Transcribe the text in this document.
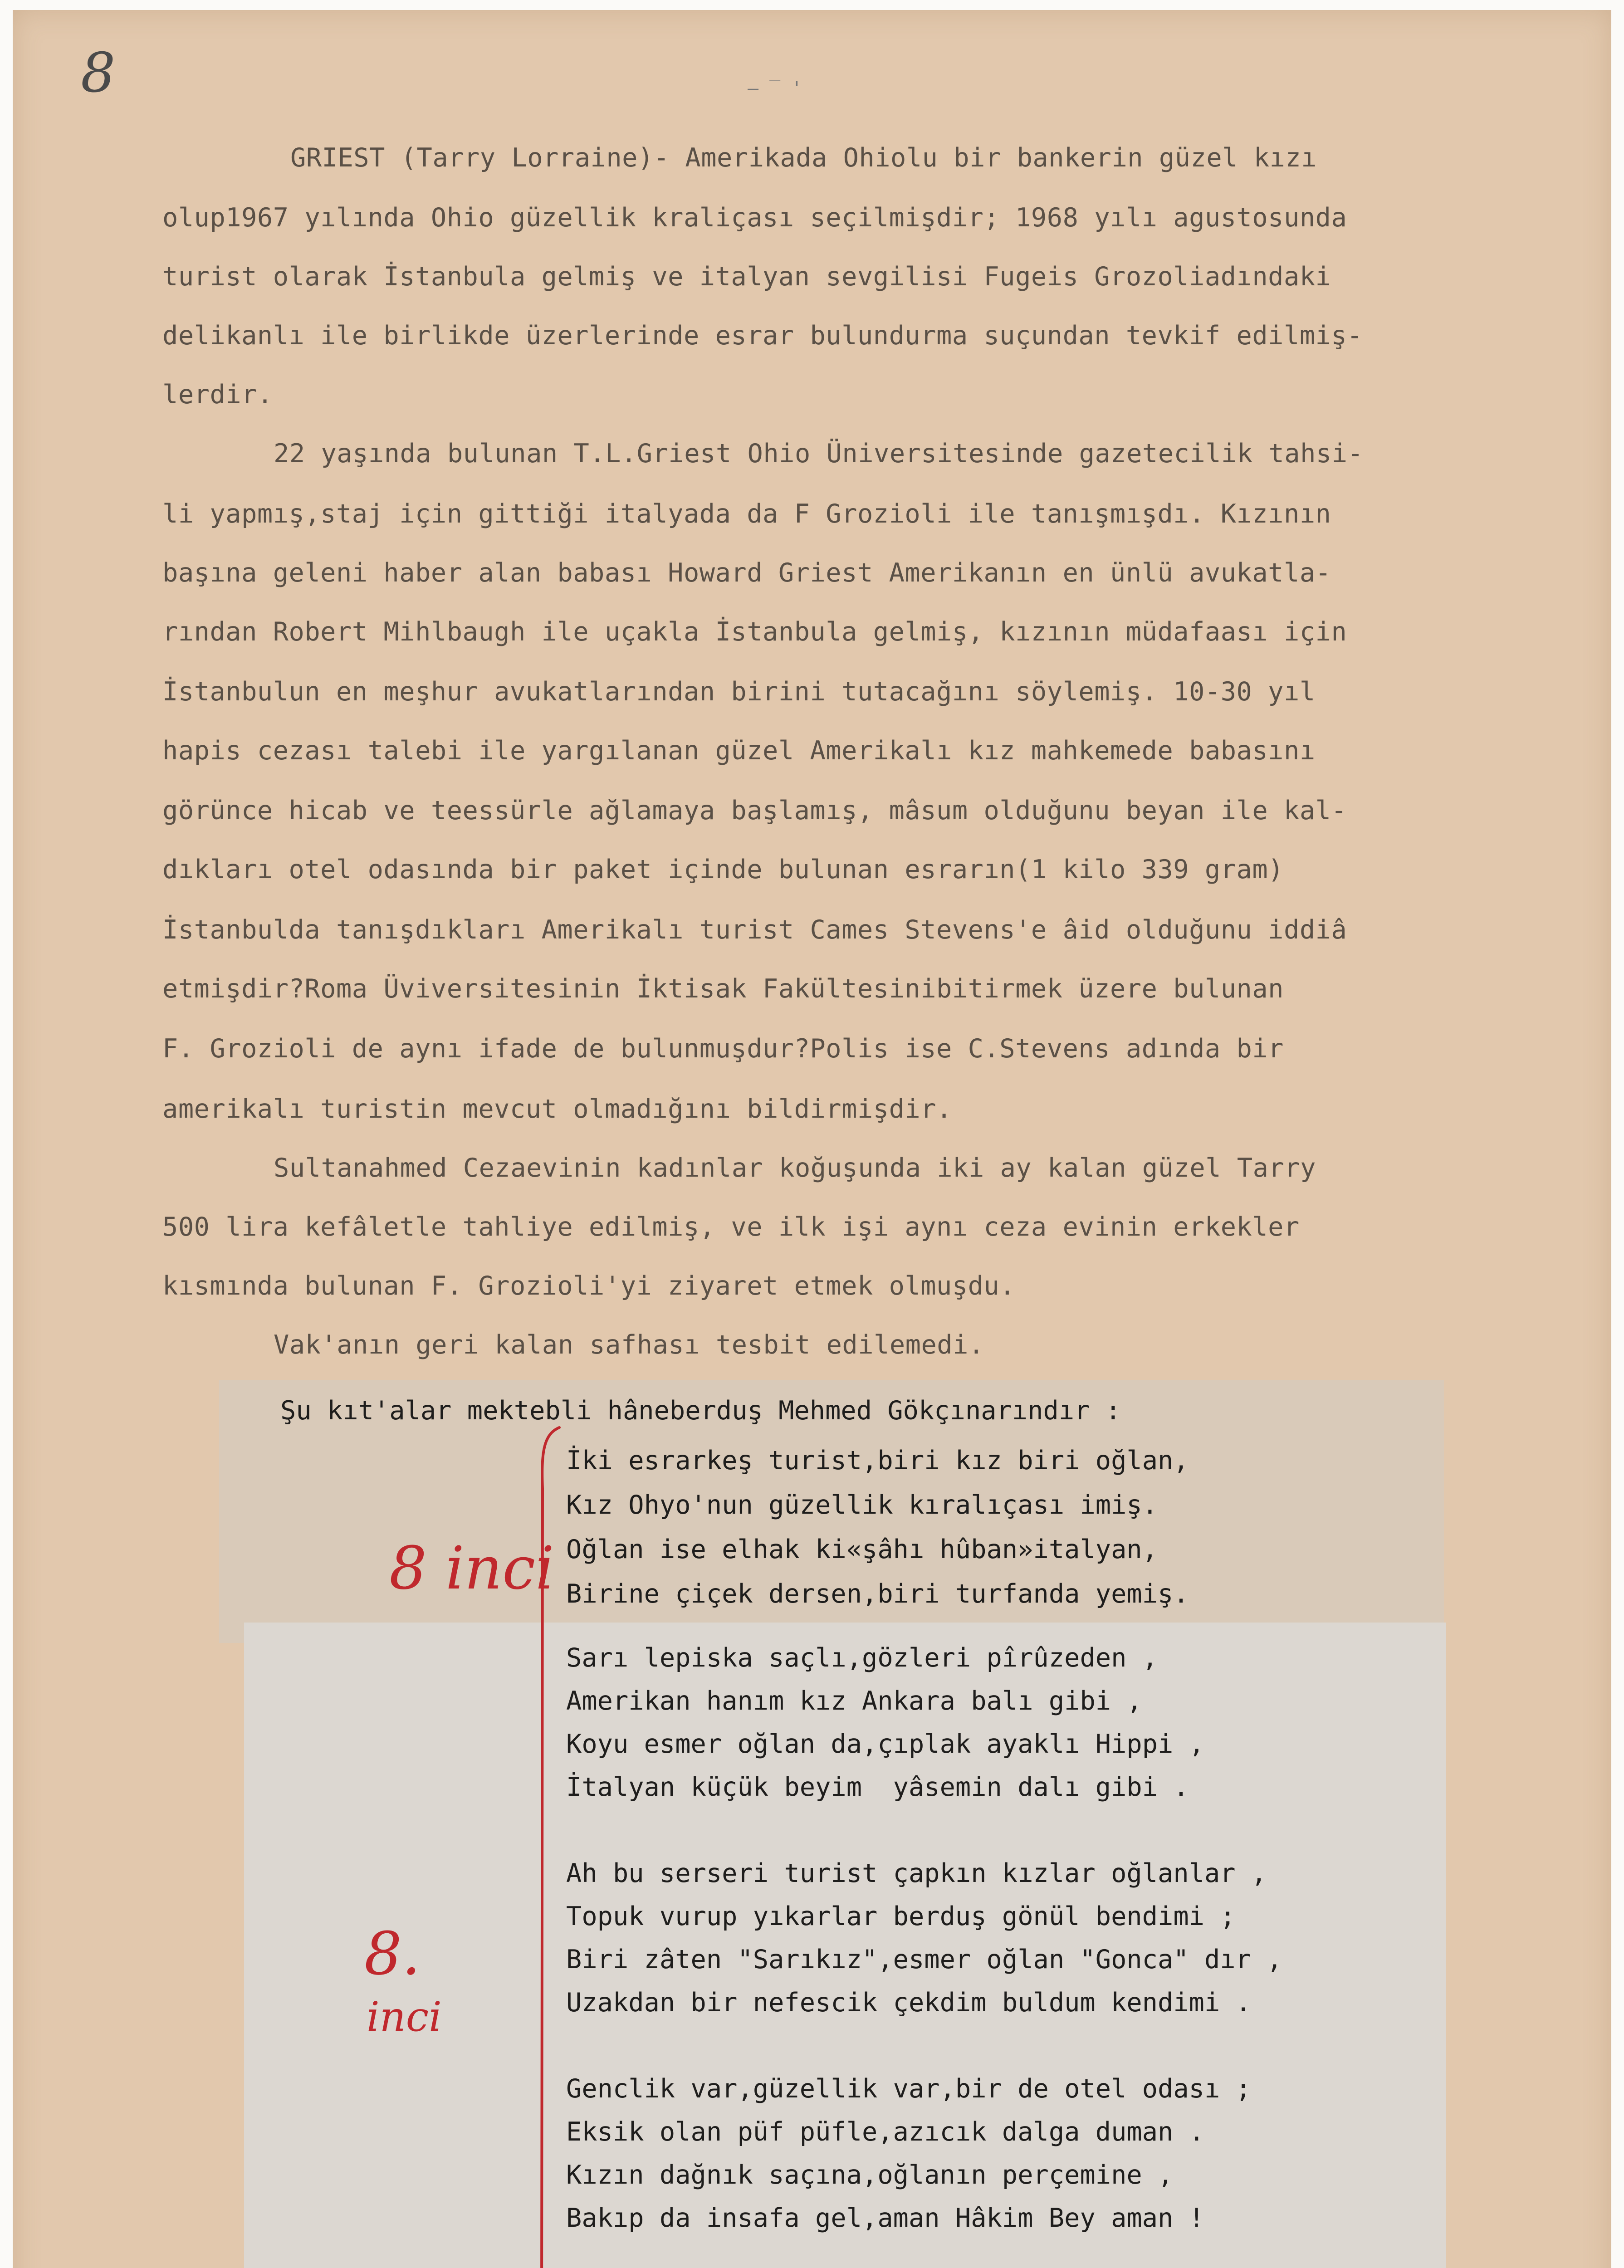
8	— ‾ '
GRIEST (Tarry Lorraine)- Amerikada Ohiolu bir bankerin güzel kızı
olup1967 yılında Ohio güzellik kraliçası seçilmişdir; 1968 yılı agustosunda
turist olarak İstanbula gelmiş ve italyan sevgilisi Fugeis Grozoliadındaki
delikanlı ile birlikde üzerlerinde esrar bulundurma suçundan tevkif edilmiş-
lerdir.
22 yaşında bulunan T.L.Griest Ohio Üniversitesinde gazetecilik tahsi-
li yapmış,staj için gittiği italyada da F Grozioli ile tanışmışdı. Kızının
başına geleni haber alan babası Howard Griest Amerikanın en ünlü avukatla-
rından Robert Mihlbaugh ile uçakla İstanbula gelmiş, kızının müdafaası için
İstanbulun en meşhur avukatlarından birini tutacağını söylemiş. 10-30 yıl
hapis cezası talebi ile yargılanan güzel Amerikalı kız mahkemede babasını
görünce hicab ve teessürle ağlamaya başlamış, mâsum olduğunu beyan ile kal-
dıkları otel odasında bir paket içinde bulunan esrarın(1 kilo 339 gram)
İstanbulda tanışdıkları Amerikalı turist Cames Stevens'e âid olduğunu iddiâ
etmişdir?Roma Üviversitesinin İktisak Fakültesinibitirmek üzere bulunan
F. Grozioli de aynı ifade de bulunmuşdur?Polis ise C.Stevens adında bir
amerikalı turistin mevcut olmadığını bildirmişdir.
Sultanahmed Cezaevinin kadınlar koğuşunda iki ay kalan güzel Tarry
500 lira kefâletle tahliye edilmiş, ve ilk işi aynı ceza evinin erkekler
kısmında bulunan F. Grozioli'yi ziyaret etmek olmuşdu.
Vak'anın geri kalan safhası tesbit edilemedi.
Şu kıt'alar mektebli hâneberduş Mehmed Gökçınarındır :
İki esrarkeş turist,biri kız biri oğlan,
Kız Ohyo'nun güzellik kıralıçası imiş.
Oğlan ise elhak ki«şâhı hûban»italyan,
Birine çiçek dersen,biri turfanda yemiş.
Sarı lepiska saçlı,gözleri pîrûzeden ,
Amerikan hanım kız Ankara balı gibi ,
Koyu esmer oğlan da,çıplak ayaklı Hippi ,
İtalyan küçük beyim  yâsemin dalı gibi .
Ah bu serseri turist çapkın kızlar oğlanlar ,
Topuk vurup yıkarlar berduş gönül bendimi ;
Biri zâten "Sarıkız",esmer oğlan "Gonca" dır ,
Uzakdan bir nefescik çekdim buldum kendimi .
Genclik var,güzellik var,bir de otel odası ;
Eksik olan püf püfle,azıcık dalga duman .
Kızın dağnık saçına,oğlanın perçemine ,
Bakıp da insafa gel,aman Hâkim Bey aman !
8 inci
8.
inci
